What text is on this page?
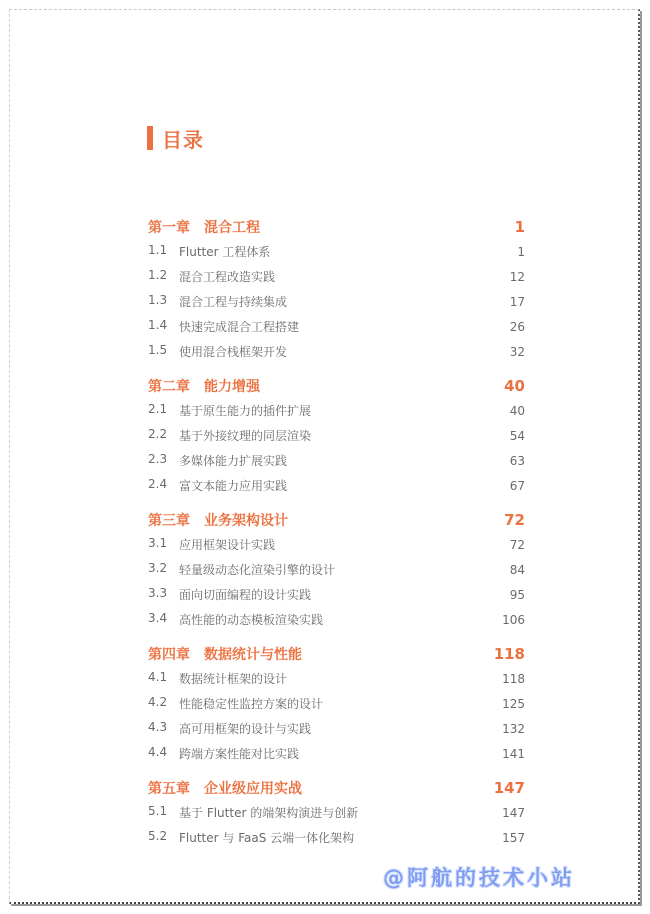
目录
第一章	混合工程	1
1.1 Flutter 工程体系	1
1.2 混合工程改造实践	12
1.3 混合工程与持续集成	17
1.4 快速完成混合工程搭建	26
1.5 使用混合栈框架开发	32
第二章	能力增强	40
2.1 基于原生能力的插件扩展	40
2.2 基于外接纹理的同层渲染	54
2.3 多媒体能力扩展实践	63
2.4 富文本能力应用实践	67
第三章	业务架构设计	72
3.1 应用框架设计实践	72
3.2 轻量级动态化渲染引擎的设计	84
3.3 面向切面编程的设计实践	95
3.4 高性能的动态模板渲染实践	106
第四章	数据统计与性能	118
4.1 数据统计框架的设计	118
4.2 性能稳定性监控方案的设计	125
4.3 高可用框架的设计与实践	132
4.4 跨端方案性能对比实践	141
第五章	企业级应用实战	147
5.1 基于 Flutter 的端架构演进与创新	147
5.2 Flutter 与 FaaS 云端一体化架构	157
@阿航的技术小站
